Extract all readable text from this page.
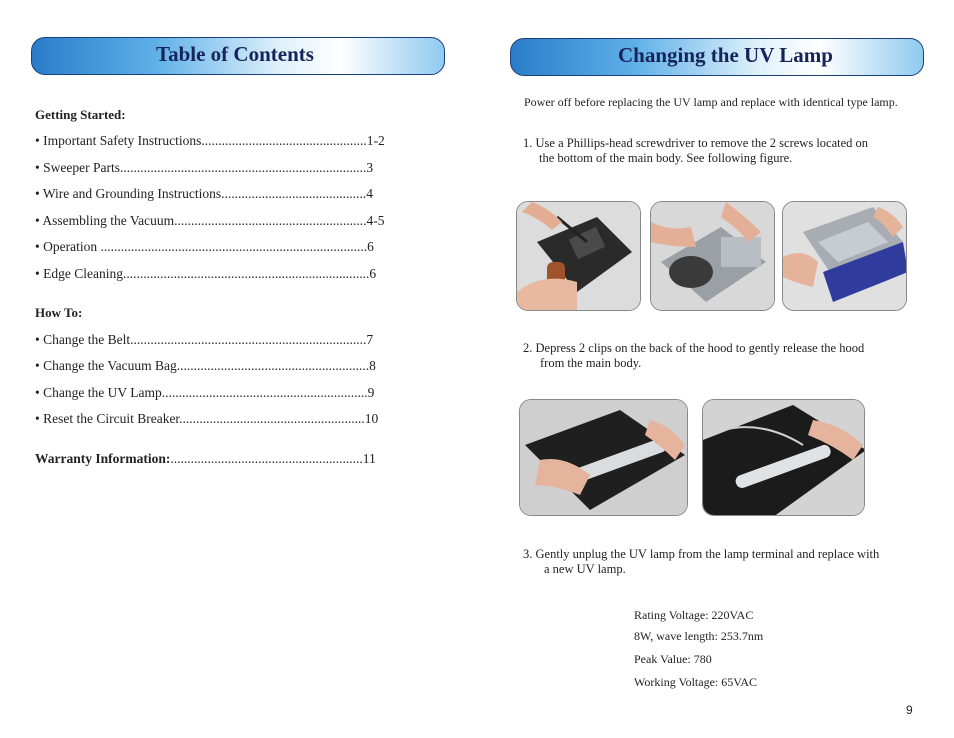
Table of Contents
Getting Started:
• Important Safety Instructions.................................................1-2
• Sweeper Parts.........................................................................3
• Wire and Grounding Instructions...........................................4
• Assembling the Vacuum.........................................................4-5
• Operation ...............................................................................6
• Edge Cleaning.........................................................................6
How To:
• Change the Belt......................................................................7
• Change the Vacuum Bag.........................................................8
• Change the UV Lamp.............................................................9
• Reset the Circuit Breaker.......................................................10
Warranty Information:.........................................................11
Changing the UV Lamp
Power off before replacing the UV lamp and replace with identical type lamp.
1. Use a Phillips-head screwdriver to remove the 2 screws located on
the bottom of the main body. See following figure.
2. Depress 2 clips on the back of the hood to gently release the hood
from the main body.
3. Gently unplug the UV lamp from the lamp terminal and replace with
a new UV lamp.
Rating Voltage: 220VAC
8W, wave length: 253.7nm
Peak Value: 780
Working Voltage: 65VAC
9
